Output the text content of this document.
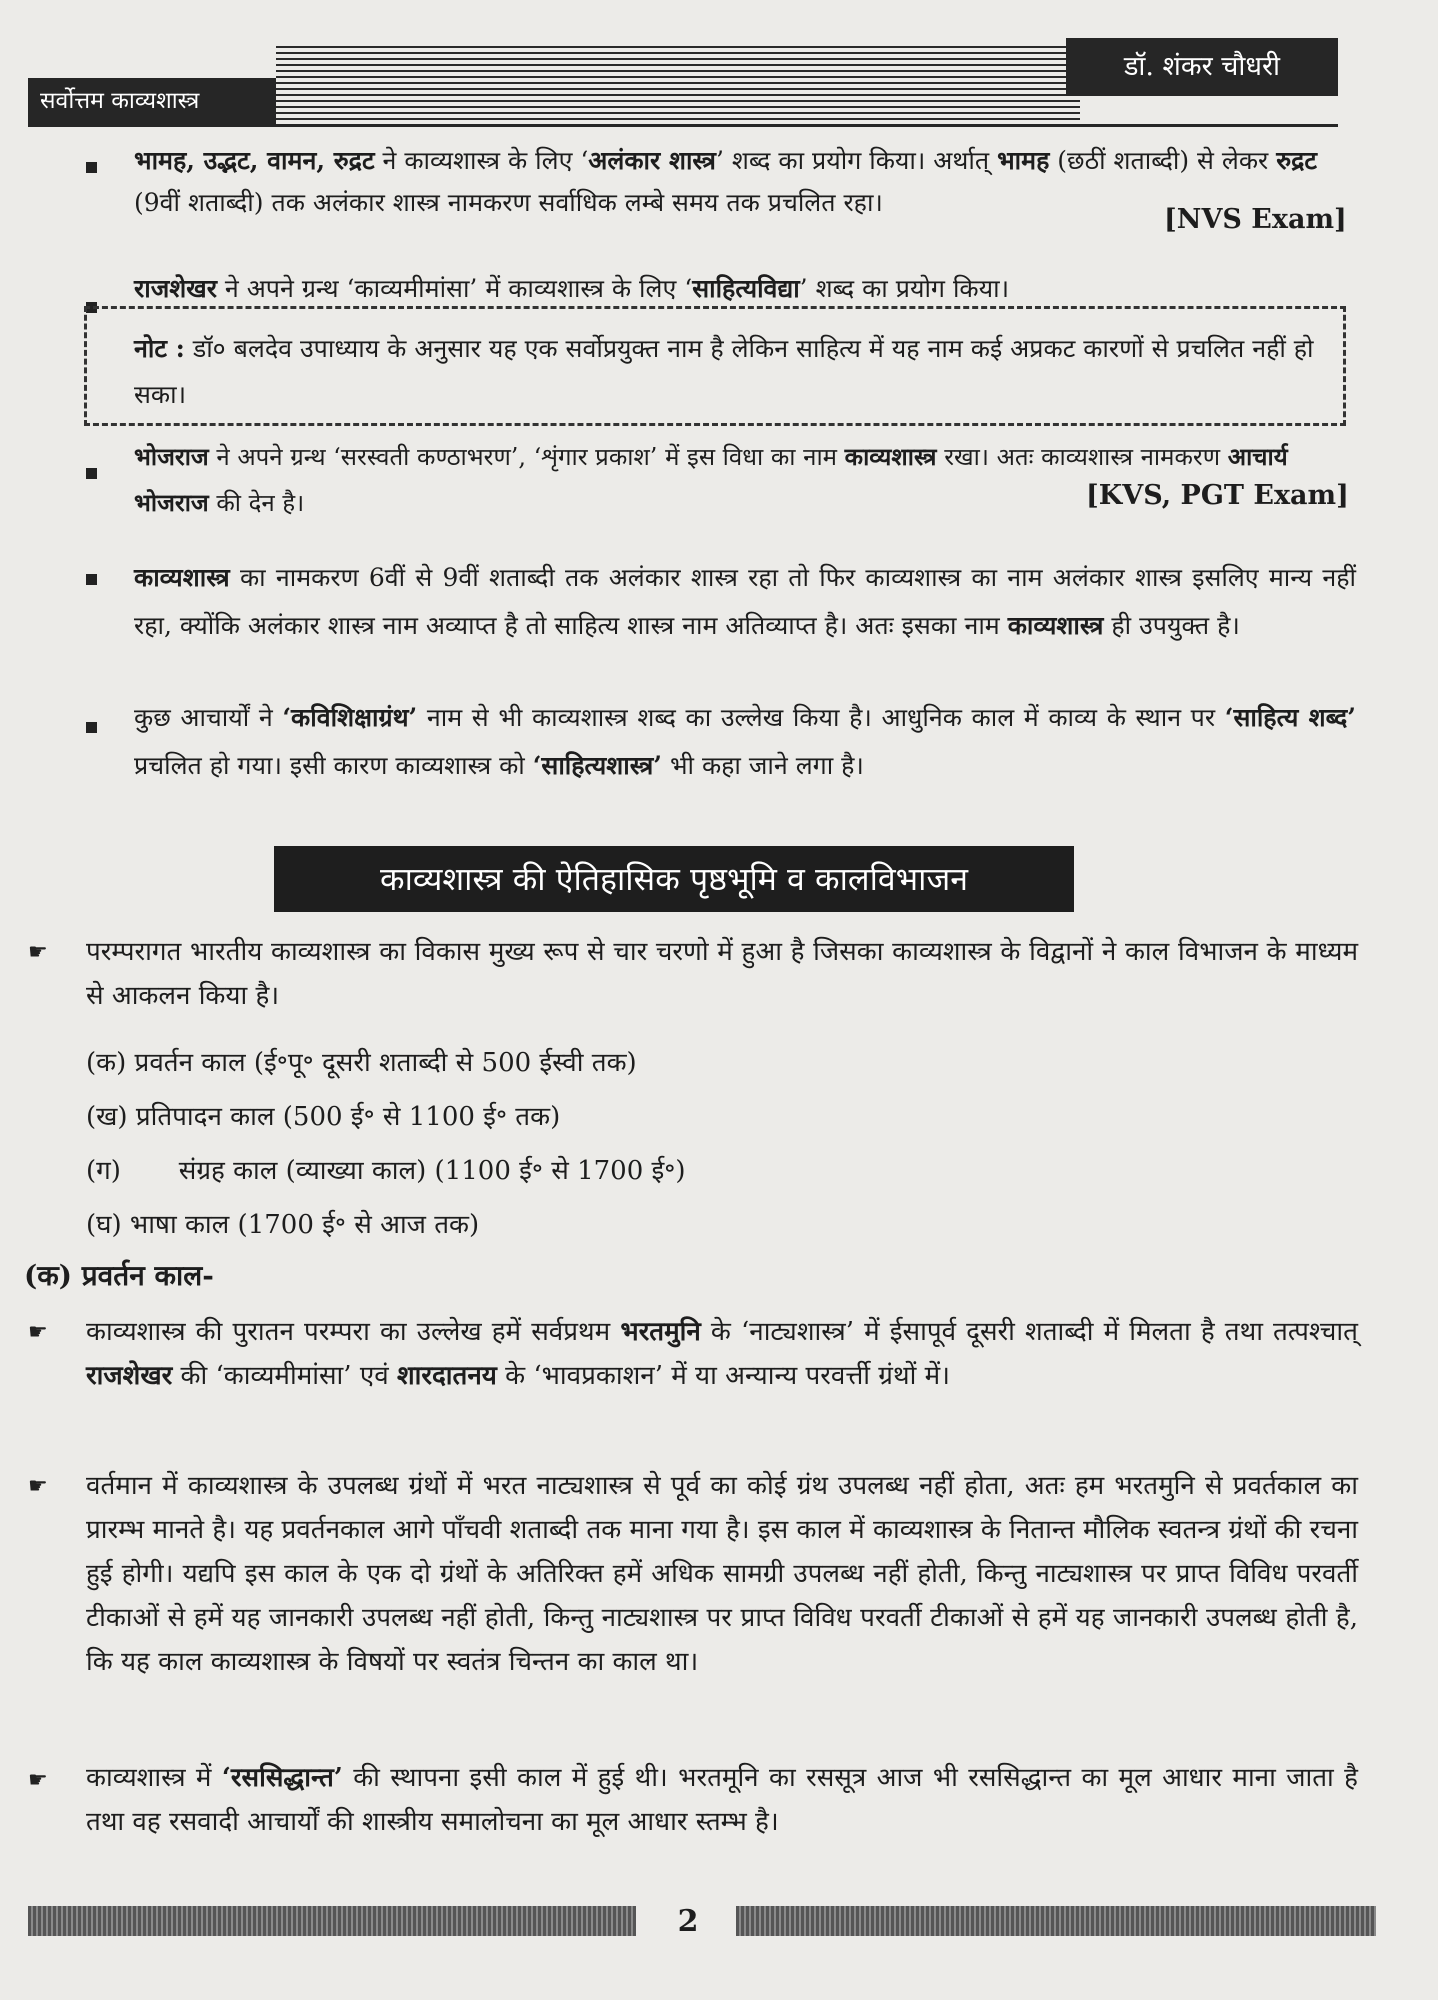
सर्वोत्तम काव्यशास्त्र
डॉ. शंकर चौधरी
भामह, उद्भट, वामन, रुद्रट ने काव्यशास्त्र के लिए ‘अलंकार शास्त्र’ शब्द का प्रयोग किया। अर्थात् भामह (छठीं शताब्दी) से लेकर रुद्रट (9वीं शताब्दी) तक अलंकार शास्त्र नामकरण सर्वाधिक लम्बे समय तक प्रचलित रहा।
[NVS Exam]
राजशेखर ने अपने ग्रन्थ ‘काव्यमीमांसा’ में काव्यशास्त्र के लिए ‘साहित्यविद्या’ शब्द का प्रयोग किया।
नोट : डॉ० बलदेव उपाध्याय के अनुसार यह एक सर्वोप्रयुक्त नाम है लेकिन साहित्य में यह नाम कई अप्रकट कारणों से प्रचलित नहीं हो सका।
भोजराज ने अपने ग्रन्थ ‘सरस्वती कण्ठाभरण’, ‘शृंगार प्रकाश’ में इस विधा का नाम काव्यशास्त्र रखा। अतः काव्यशास्त्र नामकरण आचार्य भोजराज की देन है।	[KVS, PGT Exam]
काव्यशास्त्र का नामकरण 6वीं से 9वीं शताब्दी तक अलंकार शास्त्र रहा तो फिर काव्यशास्त्र का नाम अलंकार शास्त्र इसलिए मान्य नहीं रहा, क्योंकि अलंकार शास्त्र नाम अव्याप्त है तो साहित्य शास्त्र नाम अतिव्याप्त है। अतः इसका नाम काव्यशास्त्र ही उपयुक्त है।
कुछ आचार्यों ने ‘कविशिक्षाग्रंथ’ नाम से भी काव्यशास्त्र शब्द का उल्लेख किया है। आधुनिक काल में काव्य के स्थान पर ‘साहित्य शब्द’ प्रचलित हो गया। इसी कारण काव्यशास्त्र को ‘साहित्यशास्त्र’ भी कहा जाने लगा है।
काव्यशास्त्र की ऐतिहासिक पृष्ठभूमि व कालविभाजन
☛	परम्परागत भारतीय काव्यशास्त्र का विकास मुख्य रूप से चार चरणो में हुआ है जिसका काव्यशास्त्र के विद्वानों ने काल विभाजन के माध्यम से आकलन किया है।
(क) प्रवर्तन काल (ई॰पू॰ दूसरी शताब्दी से 500 ईस्वी तक)
(ख) प्रतिपादन काल (500 ई॰ से 1100 ई॰ तक)
(ग)       संग्रह काल (व्याख्या काल) (1100 ई॰ से 1700 ई॰)
(घ) भाषा काल (1700 ई॰ से आज तक)
(क) प्रवर्तन काल-
☛	काव्यशास्त्र की पुरातन परम्परा का उल्लेख हमें सर्वप्रथम भरतमुनि के ‘नाट्यशास्त्र’ में ईसापूर्व दूसरी शताब्दी में मिलता है तथा तत्पश्चात् राजशेखर की ‘काव्यमीमांसा’ एवं शारदातनय के ‘भावप्रकाशन’ में या अन्यान्य परवर्त्ती ग्रंथों में।
☛	वर्तमान में काव्यशास्त्र के उपलब्ध ग्रंथों में भरत नाट्यशास्त्र से पूर्व का कोई ग्रंथ उपलब्ध नहीं होता, अतः हम भरतमुनि से प्रवर्तकाल का प्रारम्भ मानते है। यह प्रवर्तनकाल आगे पाँचवी शताब्दी तक माना गया है। इस काल में काव्यशास्त्र के नितान्त मौलिक स्वतन्त्र ग्रंथों की रचना हुई होगी। यद्यपि इस काल के एक दो ग्रंथों के अतिरिक्त हमें अधिक सामग्री उपलब्ध नहीं होती, किन्तु नाट्यशास्त्र पर प्राप्त विविध परवर्ती टीकाओं से हमें यह जानकारी उपलब्ध नहीं होती, किन्तु नाट्यशास्त्र पर प्राप्त विविध परवर्ती टीकाओं से हमें यह जानकारी उपलब्ध होती है, कि यह काल काव्यशास्त्र के विषयों पर स्वतंत्र चिन्तन का काल था।
☛	काव्यशास्त्र में ‘रससिद्धान्त’ की स्थापना इसी काल में हुई थी। भरतमूनि का रससूत्र आज भी रससिद्धान्त का मूल आधार माना जाता है तथा वह रसवादी आचार्यों की शास्त्रीय समालोचना का मूल आधार स्तम्भ है।
2
